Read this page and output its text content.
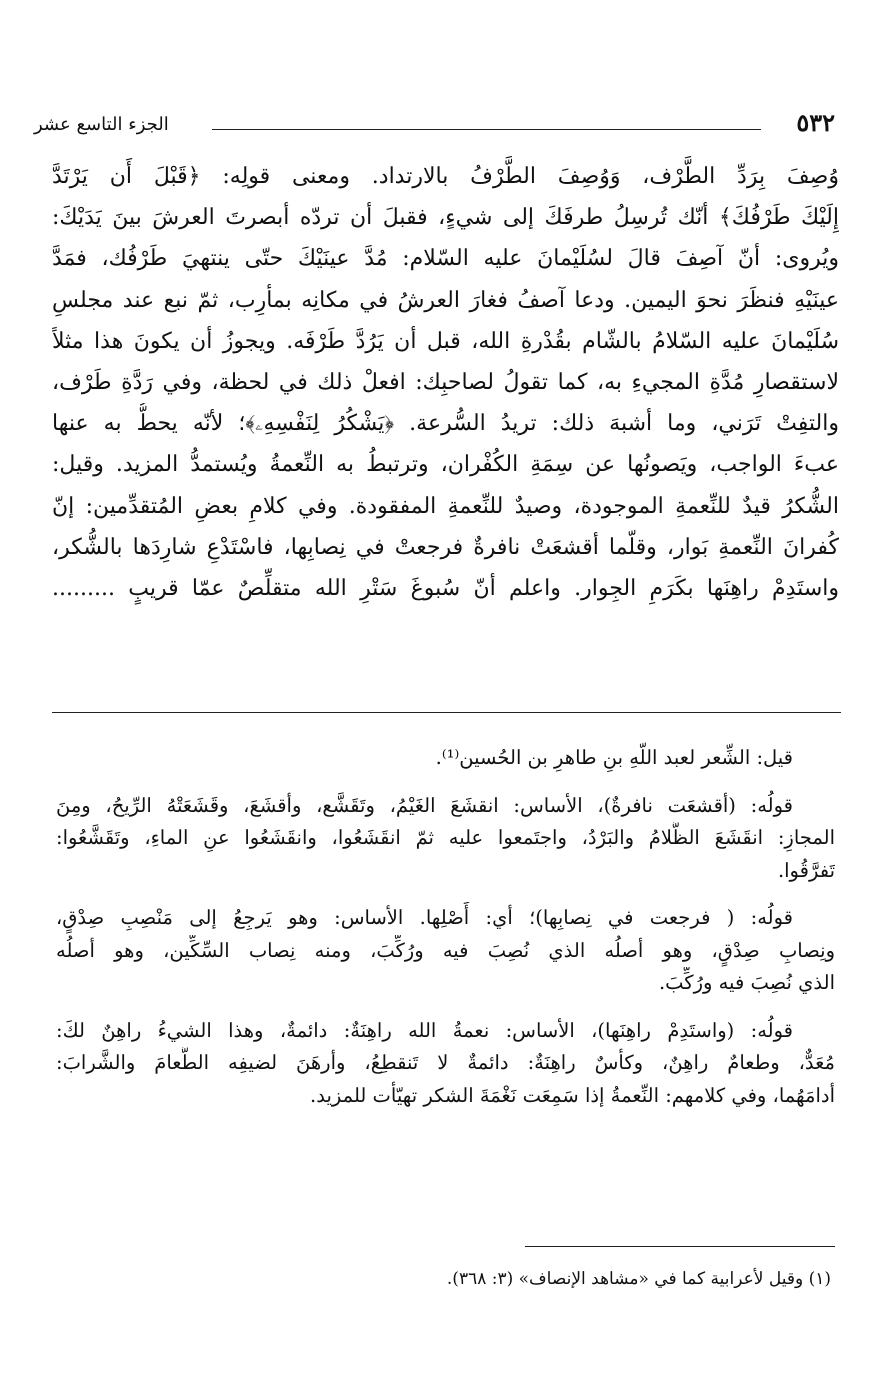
٥٣٢
الجزء التاسع عشر
وُصِفَ بِرَدِّ الطَّرْف، وَوُصِفَ الطَّرْفُ بالارتداد. ومعنى قولِه: ﴿قَبْلَ أَن يَرْتَدَّ
إِلَيْكَ طَرْفُكَ﴾ أنّك تُرسِلُ طرفَكَ إلى شيءٍ، فقبلَ أن تردّه أبصرتَ العرشَ بينَ يَدَيْكَ:
ويُروى: أنّ آصِفَ قالَ لسُلَيْمانَ عليه السّلام: مُدَّ عينَيْكَ حتّى ينتهيَ طَرْفُك، فمَدَّ
عينَيْهِ فنظَرَ نحوَ اليمين. ودعا آصفُ فغارَ العرشُ في مكانِه بمأرِب، ثمّ نبع عند مجلسِ
سُلَيْمانَ عليه السّلامُ بالشّام بقُدْرةِ الله، قبل أن يَرُدَّ طَرْفَه. ويجوزُ أن يكونَ هذا مثلاً
لاستقصارِ مُدَّةِ المجيءِ به، كما تقولُ لصاحبِك: افعلْ ذلك في لحظة، وفي رَدَّةِ طَرْف،
والتفِتْ تَرَني، وما أشبهَ ذلك: تريدُ السُّرعة. ﴿يَشْكُرُ لِنَفْسِهِۦ﴾؛ لأنّه يحطُّ به عنها
عبءَ الواجب، ويَصونُها عن سِمَةِ الكُفْران، وترتبطُ به النِّعمةُ ويُستمدُّ المزيد. وقيل:
الشُّكرُ قيدٌ للنِّعمةِ الموجودة، وصيدٌ للنِّعمةِ المفقودة. وفي كلامِ بعضِ المُتقدِّمين: إنّ
كُفرانَ النِّعمةِ بَوار، وقلّما أقشعَتْ نافرةٌ فرجعتْ في نِصابِها، فاسْتَدْعِ شارِدَها بالشُّكر،
واستَدِمْ راهِنَها بكَرَمِ الجِوار. واعلم أنّ سُبوغَ سَتْرِ الله متقلِّصٌ عمّا قريبٍ .........
قيل: الشِّعر لعبد اللّهِ بنِ طاهرِ بن الحُسين⁽¹⁾.
قولُه: (أقشعَت نافرةٌ)، الأساس: انقشَعَ الغَيْمُ، وتَقَشَّع، وأقشَعَ، وقَشَعَتْهُ الرِّيحُ، ومِنَ
المجازِ: انقَشَعَ الظَّلامُ والبَرْدُ، واجتَمعوا عليه ثمّ انقَشَعُوا، وانقَشَعُوا عنِ الماءِ، وتَقَشَّعُوا:
تَفرَّقُوا.
قولُه: ( فرجعت في نِصابِها)؛ أي: أَصْلِها. الأساس: وهو يَرجِعُ إلى مَنْصِبِ صِدْقٍ،
ونِصابِ صِدْقٍ، وهو أصلُه الذي نُصِبَ فيه ورُكِّبَ، ومنه نِصاب السِّكِّين، وهو أصلُه
الذي نُصِبَ فيه ورُكِّبَ.
قولُه: (واستَدِمْ راهِنَها)، الأساس: نعمةُ الله راهِنَةٌ: دائمةٌ، وهذا الشيءُ راهِنٌ لكَ:
مُعَدٌّ، وطعامٌ راهِنٌ، وكأسٌ راهِنَةٌ: دائمةٌ لا تَنقطِعُ، وأرهَنَ لضيفِه الطَّعامَ والشَّرابَ:
أدامَهُما، وفي كلامهم: النِّعمةُ إذا سَمِعَت نَغْمَةَ الشكر تهيّأت للمزيد.
(١) وقيل لأعرابية كما في «مشاهد الإنصاف» (٣: ٣٦٨).
